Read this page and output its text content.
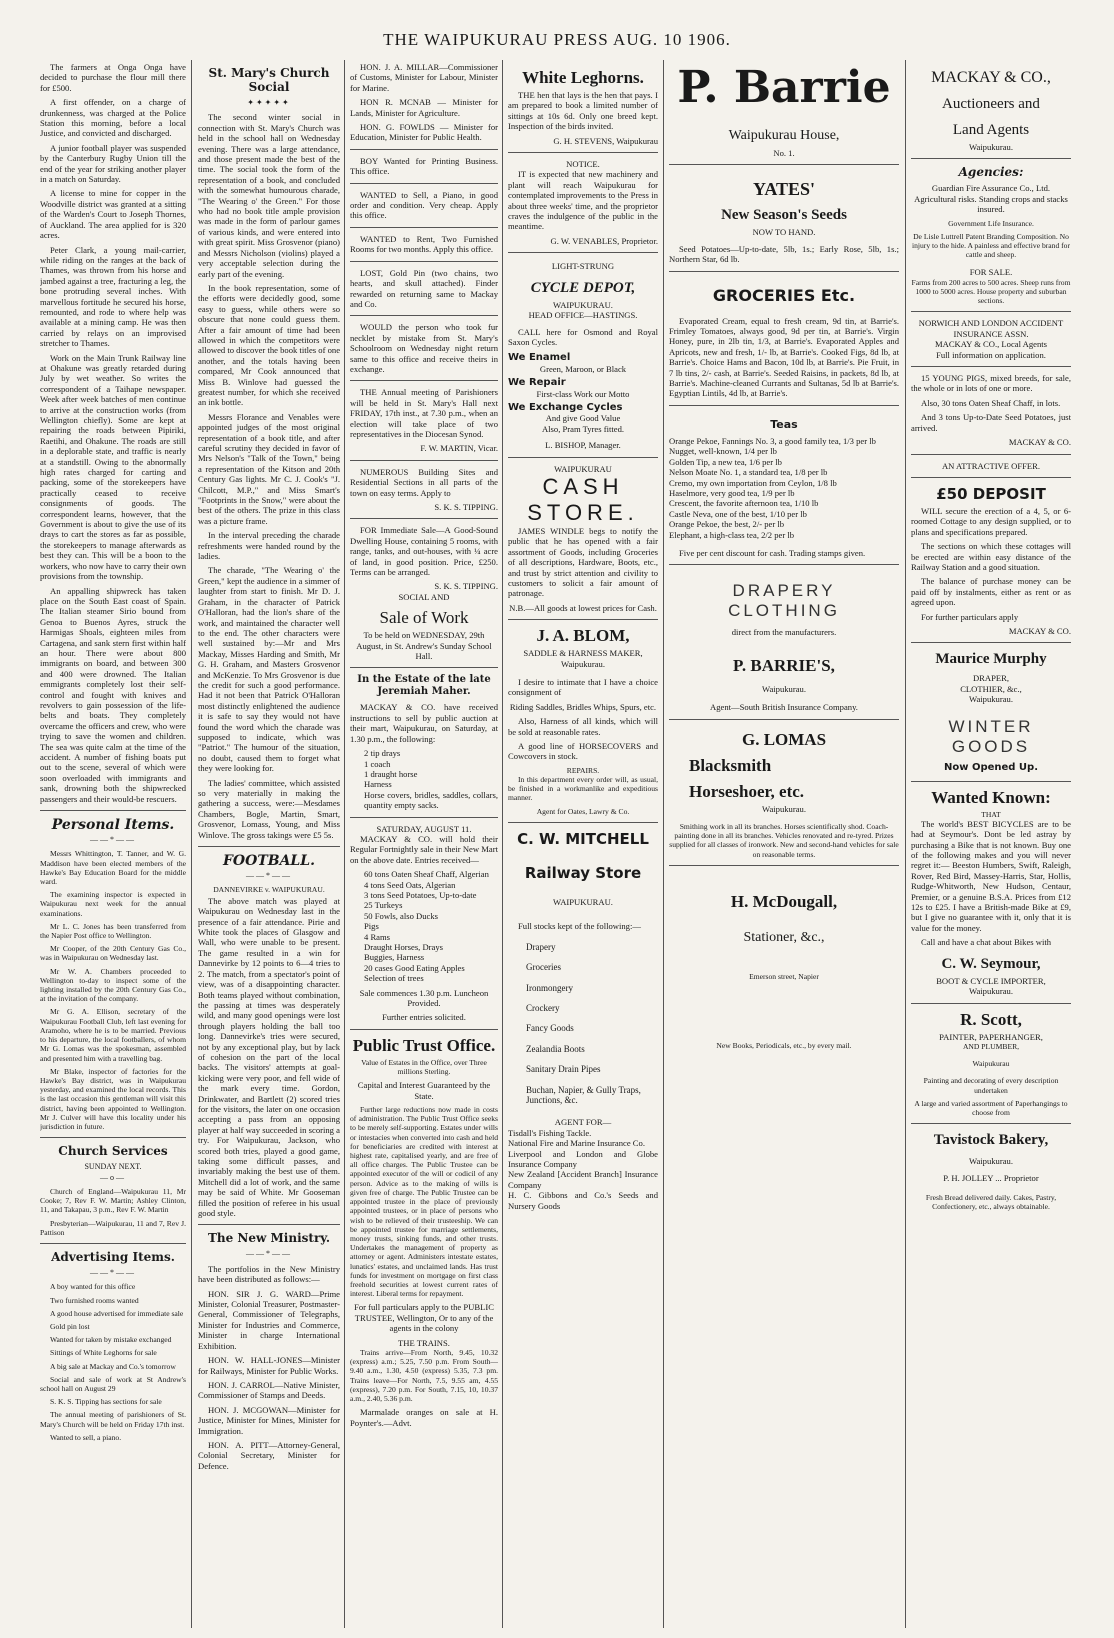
THE WAIPUKURAU PRESS AUG. 10 1906.

The farmers at Onga Onga have decided to purchase the flour mill there for £500.

A first offender, on a charge of drunkenness, was charged at the Police Station this morning, before a local Justice, and convicted and discharged.

A junior football player was suspended by the Canterbury Rugby Union till the end of the year for striking another player in a match on Saturday.

A license to mine for copper in the Woodville district was granted at a sitting of the Warden's Court to Joseph Thornes, of Auckland. The area applied for is 320 acres.

Peter Clark, a young mail-carrier, while riding on the ranges at the back of Thames, was thrown from his horse and jambed against a tree, fracturing a leg, the bone protruding several inches. With marvellous fortitude he secured his horse, remounted, and rode to where help was available at a mining camp. He was then carried by relays on an improvised stretcher to Thames.

Work on the Main Trunk Railway line at Ohakune was greatly retarded during July by wet weather. So writes the correspondent of a Taihape newspaper. Week after week batches of men continue to arrive at the construction works (from Wellington chiefly). Some are kept at repairing the roads between Pipiriki, Raetihi, and Ohakune. The roads are still in a deplorable state, and traffic is nearly at a standstill. Owing to the abnormally high rates charged for carting and packing, some of the storekeepers have practically ceased to receive consignments of goods. The correspondent learns, however, that the Government is about to give the use of its drays to cart the stores as far as possible, the storekeepers to manage afterwards as best they can. This will be a boon to the workers, who now have to carry their own provisions from the township.

An appalling shipwreck has taken place on the South East coast of Spain. The Italian steamer Sirio bound from Genoa to Buenos Ayres, struck the Harmigas Shoals, eighteen miles from Cartagena, and sank stern first within half an hour. There were about 800 immigrants on board, and between 300 and 400 were drowned. The Italian emmigrants completely lost their self-control and fought with knives and revolvers to gain possession of the life-belts and boats. They completely overcame the officers and crew, who were trying to save the women and children. The sea was quite calm at the time of the accident. A number of fishing boats put out to the scene, several of which were soon overloaded with immigrants and sank, drowning both the shipwrecked passengers and their would-be rescuers.

Personal Items.
——*——

Messrs Whittington, T. Tanner, and W. G. Maddison have been elected members of the Hawke's Bay Education Board for the middle ward.

The examining inspector is expected in Waipukurau next week for the annual examinations.

Mr L. C. Jones has been transferred from the Napier Post office to Wellington.

Mr Cooper, of the 20th Century Gas Co., was in Waipukurau on Wednesday last.

Mr W. A. Chambers proceeded to Wellington to-day to inspect some of the lighting installed by the 20th Century Gas Co., at the invitation of the company.

Mr G. A. Ellison, secretary of the Waipukurau Football Club, left last evening for Aramoho, where he is to be married. Previous to his departure, the local footballers, of whom Mr G. Lomas was the spokesman, assembled and presented him with a travelling bag.

Mr Blake, inspector of factories for the Hawke's Bay district, was in Waipukurau yesterday, and examined the local records. This is the last occasion this gentleman will visit this district, having been appointed to Wellington. Mr J. Culver will have this locality under his jurisdiction in future.

Church Services
SUNDAY NEXT.
—o—

Church of England—Waipukurau 11, Mr Cooke; 7, Rev F. W. Martin; Ashley Clinton, 11, and Takapau, 3 p.m., Rev F. W. Martin

Presbyterian—Waipukurau, 11 and 7, Rev J. Pattison

Advertising Items.
——*——

A boy wanted for this office

Two furnished rooms wanted

A good house advertised for immediate sale

Gold pin lost

Wanted for taken by mistake exchanged

Sittings of White Leghorns for sale

A big sale at Mackay and Co.'s tomorrow

Social and sale of work at St Andrew's school hall on August 29

S. K. S. Tipping has sections for sale

The annual meeting of parishioners of St. Mary's Church will be held on Friday 17th inst.

Wanted to sell, a piano.

St. Mary's Church Social
✦✦✦✦✦

The second winter social in connection with St. Mary's Church was held in the school hall on Wednesday evening. There was a large attendance, and those present made the best of the time. The social took the form of the representation of a book, and concluded with the somewhat humourous charade, "The Wearing o' the Green." For those who had no book title ample provision was made in the form of parlour games of various kinds, and were entered into with great spirit. Miss Grosvenor (piano) and Messrs Nicholson (violins) played a very acceptable selection during the early part of the evening.

In the book representation, some of the efforts were decidedly good, some easy to guess, while others were so obscure that none could guess them. After a fair amount of time had been allowed in which the competitors were allowed to discover the book titles of one another, and the totals having been compared, Mr Cook announced that Miss B. Winlove had guessed the greatest number, for which she received an ink bottle.

Messrs Florance and Venables were appointed judges of the most original representation of a book title, and after careful scrutiny they decided in favor of Mrs Nelson's "Talk of the Town," being a representation of the Kitson and 20th Century Gas lights. Mr C. J. Cook's "J. Chilcott, M.P.," and Miss Smart's "Footprints in the Snow," were about the best of the others. The prize in this class was a picture frame.

In the interval preceding the charade refreshments were handed round by the ladies.

The charade, "The Wearing o' the Green," kept the audience in a simmer of laughter from start to finish. Mr D. J. Graham, in the character of Patrick O'Halloran, had the lion's share of the work, and maintained the character well to the end. The other characters were well sustained by:—Mr and Mrs Mackay, Misses Harding and Smith, Mr G. H. Graham, and Masters Grosvenor and McKenzie. To Mrs Grosvenor is due the credit for such a good performance. Had it not been that Patrick O'Halloran most distinctly enlightened the audience it is safe to say they would not have found the word which the charade was supposed to indicate, which was "Patriot." The humour of the situation, no doubt, caused them to forget what they were looking for.

The ladies' committee, which assisted so very materially in making the gathering a success, were:—Mesdames Chambers, Bogle, Martin, Smart, Grosvenor, Lomass, Young, and Miss Winlove. The gross takings were £5 5s.

FOOTBALL.
——*——
DANNEVIRKE v. WAIPUKURAU.

The above match was played at Waipukurau on Wednesday last in the presence of a fair attendance. Pirie and White took the places of Glasgow and Wall, who were unable to be present. The game resulted in a win for Dannevirke by 12 points to 6—4 tries to 2. The match, from a spectator's point of view, was of a disappointing character. Both teams played without combination, the passing at times was desperately wild, and many good openings were lost through players holding the ball too long. Dannevirke's tries were secured, not by any exceptional play, but by lack of cohesion on the part of the local backs. The visitors' attempts at goal-kicking were very poor, and fell wide of the mark every time. Gordon, Drinkwater, and Bartlett (2) scored tries for the visitors, the later on one occasion accepting a pass from an opposing player at half way succeeded in scoring a try. For Waipukurau, Jackson, who scored both tries, played a good game, taking some difficult passes, and invariably making the best use of them. Mitchell did a lot of work, and the same may be said of White. Mr Gooseman filled the position of referee in his usual good style.

The New Ministry.
——*——

The portfolios in the New Ministry have been distributed as follows:—

HON. SIR J. G. WARD—Prime Minister, Colonial Treasurer, Postmaster-General, Commissioner of Telegraphs, Minister for Industries and Commerce, Minister in charge International Exhibition.

HON. W. HALL-JONES—Minister for Railways, Minister for Public Works.

HON. J. CARROL—Native Minister, Commissioner of Stamps and Deeds.

HON. J. MCGOWAN—Minister for Justice, Minister for Mines, Minister for Immigration.

HON. A. PITT—Attorney-General, Colonial Secretary, Minister for Defence.

HON. J. A. MILLAR—Commissioner of Customs, Minister for Labour, Minister for Marine.

HON R. MCNAB — Minister for Lands, Minister for Agriculture.

HON. G. FOWLDS — Minister for Education, Minister for Public Health.

BOY Wanted for Printing Business. This office.

WANTED to Sell, a Piano, in good order and condition. Very cheap. Apply this office.

WANTED to Rent, Two Furnished Rooms for two months. Apply this office.

LOST, Gold Pin (two chains, two hearts, and skull attached). Finder rewarded on returning same to Mackay and Co.

WOULD the person who took fur necklet by mistake from St. Mary's Schoolroom on Wednesday night return same to this office and receive theirs in exchange.

THE Annual meeting of Parishioners will be held in St. Mary's Hall next FRIDAY, 17th inst., at 7.30 p.m., when an election will take place of two representatives in the Diocesan Synod.

F. W. MARTIN, Vicar.

NUMEROUS Building Sites and Residential Sections in all parts of the town on easy terms. Apply to

S. K. S. TIPPING.

FOR Immediate Sale—A Good-Sound Dwelling House, containing 5 rooms, with range, tanks, and out-houses, with ¼ acre of land, in good position. Price, £250. Terms can be arranged.

S. K. S. TIPPING.
SOCIAL AND
Sale of Work

To be held on WEDNESDAY, 29th August, in St. Andrew's Sunday School Hall.

In the Estate of the late Jeremiah Maher.

MACKAY & CO. have received instructions to sell by public auction at their mart, Waipukurau, on Saturday, at 1.30 p.m., the following:

2 tip drays
1 coach
1 draught horse
Harness
Horse covers, bridles, saddles, collars, quantity empty sacks.
SATURDAY, AUGUST 11.

MACKAY & CO. will hold their Regular Fortnightly sale in their New Mart on the above date. Entries received—

60 tons Oaten Sheaf Chaff, Algerian
4 tons Seed Oats, Algerian
3 tons Seed Potatoes, Up-to-date
25 Turkeys
50 Fowls, also Ducks
Pigs
4 Rams
Draught Horses, Drays
Buggies, Harness
20 cases Good Eating Apples
Selection of trees

Sale commences 1.30 p.m. Luncheon Provided.

Further entries solicited.

Public Trust Office.

Value of Estates in the Office, over Three millions Sterling.

Capital and Interest Guaranteed by the State.

Further large reductions now made in costs of administration. The Public Trust Office seeks to be merely self-supporting. Estates under wills or intestacies when converted into cash and held for beneficiaries are credited with interest at highest rate, capitalised yearly, and are free of all office charges. The Public Trustee can be appointed executor of the will or codicil of any person. Advice as to the making of wills is given free of charge. The Public Trustee can be appointed trustee in the place of previously appointed trustees, or in place of persons who wish to be relieved of their trusteeship. We can be appointed trustee for marriage settlements, money trusts, sinking funds, and other trusts. Undertakes the management of property as attorney or agent. Administers intestate estates, lunatics' estates, and unclaimed lands. Has trust funds for investment on mortgage on first class freehold securities at lowest current rates of interest. Liberal terms for repayment.

For full particulars apply to the PUBLIC TRUSTEE, Wellington, Or to any of the agents in the colony

THE TRAINS.

Trains arrive—From North, 9.45, 10.32 (express) a.m.; 5.25, 7.50 p.m. From South—9.40 a.m., 1.30, 4.50 (express) 5.35, 7.3 pm. Trains leave—For North, 7.5, 9.55 am, 4.55 (express), 7.20 p.m. For South, 7.15, 10, 10.37 a.m., 2.40, 5.36 p.m.

Marmalade oranges on sale at H. Poynter's.—Advt.

White Leghorns.

THE hen that lays is the hen that pays. I am prepared to book a limited number of sittings at 10s 6d. Only one breed kept. Inspection of the birds invited.

G. H. STEVENS, Waipukurau
NOTICE.

IT is expected that new machinery and plant will reach Waipukurau for contemplated improvements to the Press in about three weeks' time, and the proprietor craves the indulgence of the public in the meantime.

G. W. VENABLES, Proprietor.
LIGHT-STRUNG
CYCLE DEPOT,
WAIPUKURAU.
HEAD OFFICE—HASTINGS.

CALL here for Osmond and Royal Saxon Cycles.

We Enamel
Green, Maroon, or Black
We Repair
First-class Work our Motto
We Exchange Cycles
And give Good Value
Also, Pram Tyres fitted.
L. BISHOP, Manager.
WAIPUKURAU
CASH
STORE.

JAMES WINDLE begs to notify the public that he has opened with a fair assortment of Goods, including Groceries of all descriptions, Hardware, Boots, etc., and trust by strict attention and civility to customers to solicit a fair amount of patronage.

N.B.—All goods at lowest prices for Cash.

J. A. BLOM,
SADDLE & HARNESS MAKER,
Waipukurau.

I desire to intimate that I have a choice consignment of

Riding Saddles, Bridles Whips, Spurs, etc.

Also, Harness of all kinds, which will be sold at reasonable rates.

A good line of HORSECOVERS and Cowcovers in stock.

REPAIRS.

In this department every order will, as usual, be finished in a workmanlike and expeditious manner.

Agent for Oates, Lawry & Co.
C. W. MITCHELL
Railway Store
WAIPUKURAU.

Full stocks kept of the following:—

Drapery
Groceries
Ironmongery
Crockery
Fancy Goods
Zealandia Boots
Sanitary Drain Pipes
Buchan, Napier, & Gully Traps, Junctions, &c.
AGENT FOR—
Tisdall's Fishing Tackle.
National Fire and Marine Insurance Co.
Liverpool and London and Globe Insurance Company
New Zealand [Accident Branch] Insurance Company
H. C. Gibbons and Co.'s Seeds and Nursery Goods
P. Barrie
Waipukurau House,
No. 1.
YATES'
New Season's Seeds
NOW TO HAND.

Seed Potatoes—Up-to-date, 5lb, 1s.; Early Rose, 5lb, 1s.; Northern Star, 6d lb.

GROCERIES Etc.

Evaporated Cream, equal to fresh cream, 9d tin, at Barrie's. Frimley Tomatoes, always good, 9d per tin, at Barrie's. Virgin Honey, pure, in 2lb tin, 1/3, at Barrie's. Evaporated Apples and Apricots, new and fresh, 1/- lb, at Barrie's. Cooked Figs, 8d lb, at Barrie's. Choice Hams and Bacon, 10d lb, at Barrie's. Pie Fruit, in 7 lb tins, 2/- cash, at Barrie's. Seeded Raisins, in packets, 8d lb, at Barrie's. Machine-cleaned Currants and Sultanas, 5d lb at Barrie's. Egyptian Lintils, 4d lb, at Barrie's.

Teas
Orange Pekoe, Fannings No. 3, a good family tea, 1/3 per lb
Nugget, well-known, 1/4 per lb
Golden Tip, a new tea, 1/6 per lb
Nelson Moate No. 1, a standard tea, 1/8 per lb
Cremo, my own importation from Ceylon, 1/8 lb
Haselmore, very good tea, 1/9 per lb
Crescent, the favorite afternoon tea, 1/10 lb
Castle Neva, one of the best, 1/10 per lb
Orange Pekoe, the best, 2/- per lb
Elephant, a high-class tea, 2/2 per lb

Five per cent discount for cash. Trading stamps given.

DRAPERY
CLOTHING
direct from the manufacturers.
P. BARRIE'S,
Waipukurau.
Agent—South British Insurance Company.
G. LOMAS
Blacksmith
Horseshoer, etc.
Waipukurau.

Smithing work in all its branches. Horses scientifically shod. Coach-painting done in all its branches. Vehicles renovated and re-tyred. Prizes supplied for all classes of ironwork. New and second-hand vehicles for sale on reasonable terms.

H. McDougall,
Stationer, &c.,
Emerson street, Napier
New Books, Periodicals, etc., by every mail.
MACKAY & CO.,
Auctioneers and
Land Agents
Waipukurau.
Agencies:

Guardian Fire Assurance Co., Ltd. Agricultural risks. Standing crops and stacks insured.

Government Life Insurance.

De Lisle Luttrell Patent Branding Composition. No injury to the hide. A painless and effective brand for cattle and sheep.

FOR SALE.

Farms from 200 acres to 500 acres. Sheep runs from 1000 to 5000 acres. House property and suburban sections.

NORWICH AND LONDON ACCIDENT INSURANCE ASSN.
MACKAY & CO., Local Agents
Full information on application.

15 YOUNG PIGS, mixed breeds, for sale, the whole or in lots of one or more.

Also, 30 tons Oaten Sheaf Chaff, in lots.

And 3 tons Up-to-Date Seed Potatoes, just arrived.

MACKAY & CO.
AN ATTRACTIVE OFFER.
£50 DEPOSIT

WILL secure the erection of a 4, 5, or 6-roomed Cottage to any design supplied, or to plans and specifications prepared.

The sections on which these cottages will be erected are within easy distance of the Railway Station and a good situation.

The balance of purchase money can be paid off by instalments, either as rent or as agreed upon.

For further particulars apply

MACKAY & CO.
Maurice Murphy
DRAPER,
CLOTHIER, &c.,
Waipukurau.
WINTER
GOODS
Now Opened Up.
Wanted Known:
THAT

The world's BEST BICYCLES are to be had at Seymour's. Dont be led astray by purchasing a Bike that is not known. Buy one of the following makes and you will never regret it:— Beeston Humbers, Swift, Raleigh, Rover, Red Bird, Massey-Harris, Star, Hollis, Rudge-Whitworth, New Hudson, Centaur, Premier, or a genuine B.S.A. Prices from £12 12s to £25. I have a British-made Bike at £9, but I give no guarantee with it, only that it is value for the money.

Call and have a chat about Bikes with

C. W. Seymour,
BOOT & CYCLE IMPORTER,
Waipukurau.
R. Scott,
PAINTER, PAPERHANGER,
AND PLUMBER,
Waipukurau

Painting and decorating of every description undertaken

A large and varied assortment of Paperhangings to choose from

Tavistock Bakery,
Waipukurau.
P. H. JOLLEY ... Proprietor

Fresh Bread delivered daily. Cakes, Pastry, Confectionery, etc., always obtainable.
